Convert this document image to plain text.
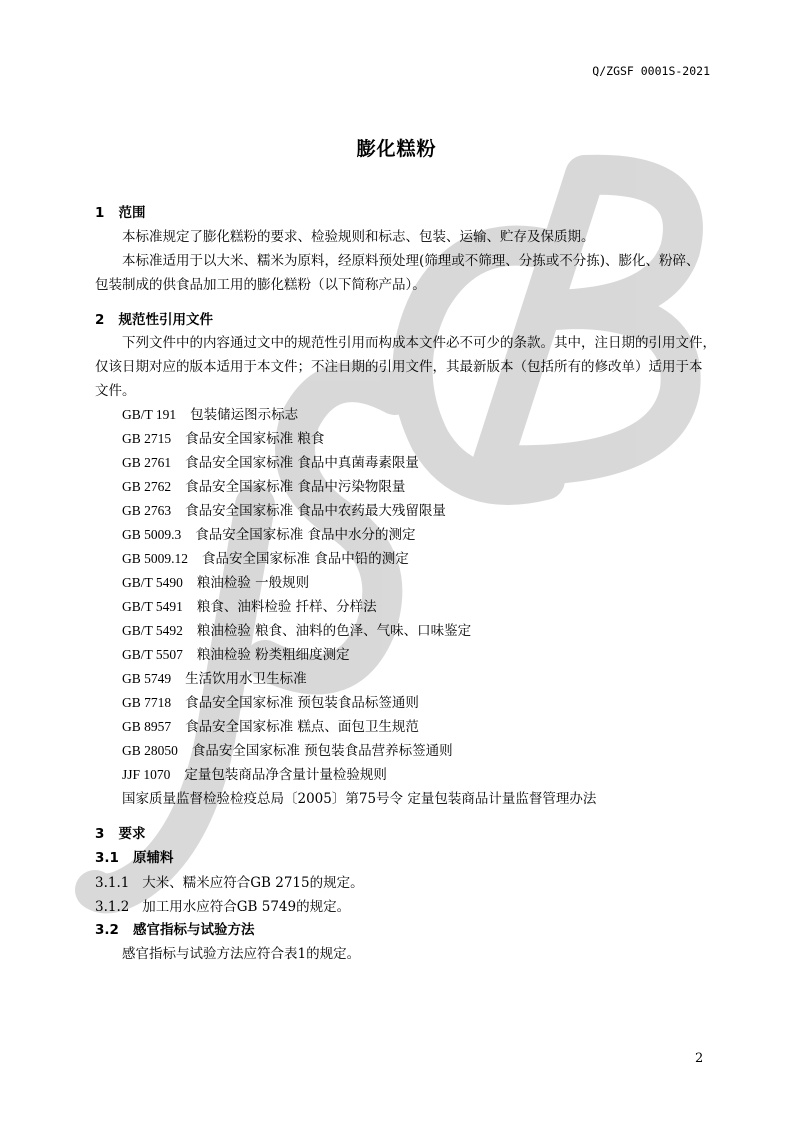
Q/ZGSF 0001S-2021
膨化糕粉
1 范围
本标准规定了膨化糕粉的要求、检验规则和标志、包装、运输、贮存及保质期。
本标准适用于以大米、糯米为原料，经原料预处理(筛理或不筛理、分拣或不分拣)、膨化、粉碎、
包装制成的供食品加工用的膨化糕粉（以下简称产品）。
2 规范性引用文件
下列文件中的内容通过文中的规范性引用而构成本文件必不可少的条款。其中，注日期的引用文件，
仅该日期对应的版本适用于本文件；不注日期的引用文件，其最新版本（包括所有的修改单）适用于本
文件。
GB/T 191 包装储运图示标志
GB 2715 食品安全国家标准 粮食
GB 2761 食品安全国家标准 食品中真菌毒素限量
GB 2762 食品安全国家标准 食品中污染物限量
GB 2763 食品安全国家标准 食品中农药最大残留限量
GB 5009.3 食品安全国家标准 食品中水分的测定
GB 5009.12 食品安全国家标准 食品中铅的测定
GB/T 5490 粮油检验 一般规则
GB/T 5491 粮食、油料检验 扦样、分样法
GB/T 5492 粮油检验 粮食、油料的色泽、气味、口味鉴定
GB/T 5507 粮油检验 粉类粗细度测定
GB 5749 生活饮用水卫生标准
GB 7718 食品安全国家标准 预包装食品标签通则
GB 8957 食品安全国家标准 糕点、面包卫生规范
GB 28050 食品安全国家标准 预包装食品营养标签通则
JJF 1070 定量包装商品净含量计量检验规则
国家质量监督检验检疫总局〔2005〕第75号令 定量包装商品计量监督管理办法
3 要求
3.1 原辅料
3.1.1 大米、糯米应符合GB 2715的规定。
3.1.2 加工用水应符合GB 5749的规定。
3.2 感官指标与试验方法
感官指标与试验方法应符合表1的规定。
2
